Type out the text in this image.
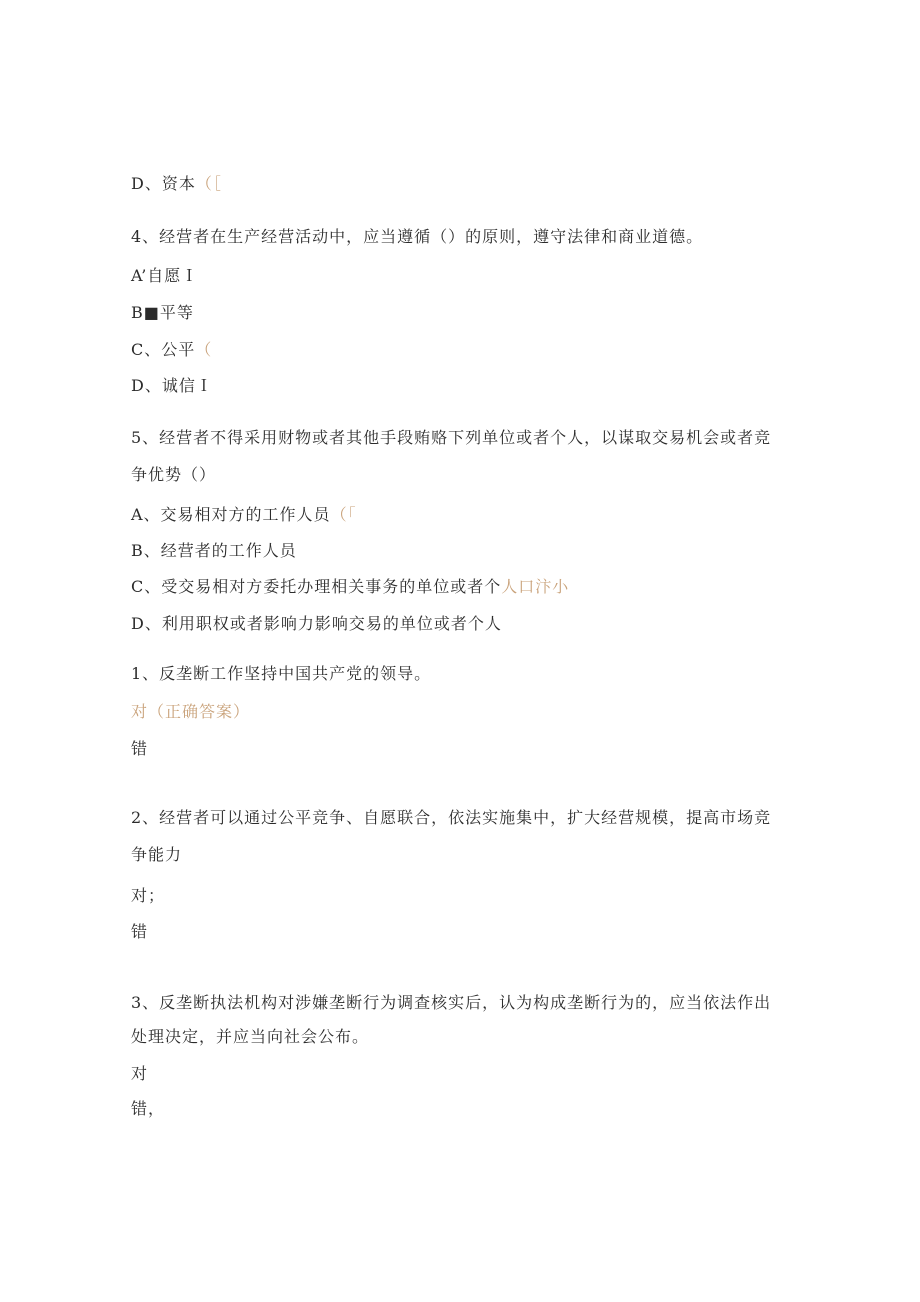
D、资本（［
4、经营者在生产经营活动中，应当遵循（）的原则，遵守法律和商业道德。
A’自愿Ｉ
B■平等
C、公平（
D、诚信Ｉ
5、经营者不得采用财物或者其他手段贿赂下列单位或者个人，以谋取交易机会或者竞
争优势（）
A、交易相对方的工作人员（「
B、经营者的工作人员
C、受交易相对方委托办理相关事务的单位或者个人口汴小
D、利用职权或者影响力影响交易的单位或者个人
1、反垄断工作坚持中国共产党的领导。
对（正确答案）
错
2、经营者可以通过公平竞争、自愿联合，依法实施集中，扩大经营规模，提高市场竞
争能力
对；
错
3、反垄断执法机构对涉嫌垄断行为调查核实后，认为构成垄断行为的，应当依法作出
处理决定，并应当向社会公布。
对
错，
